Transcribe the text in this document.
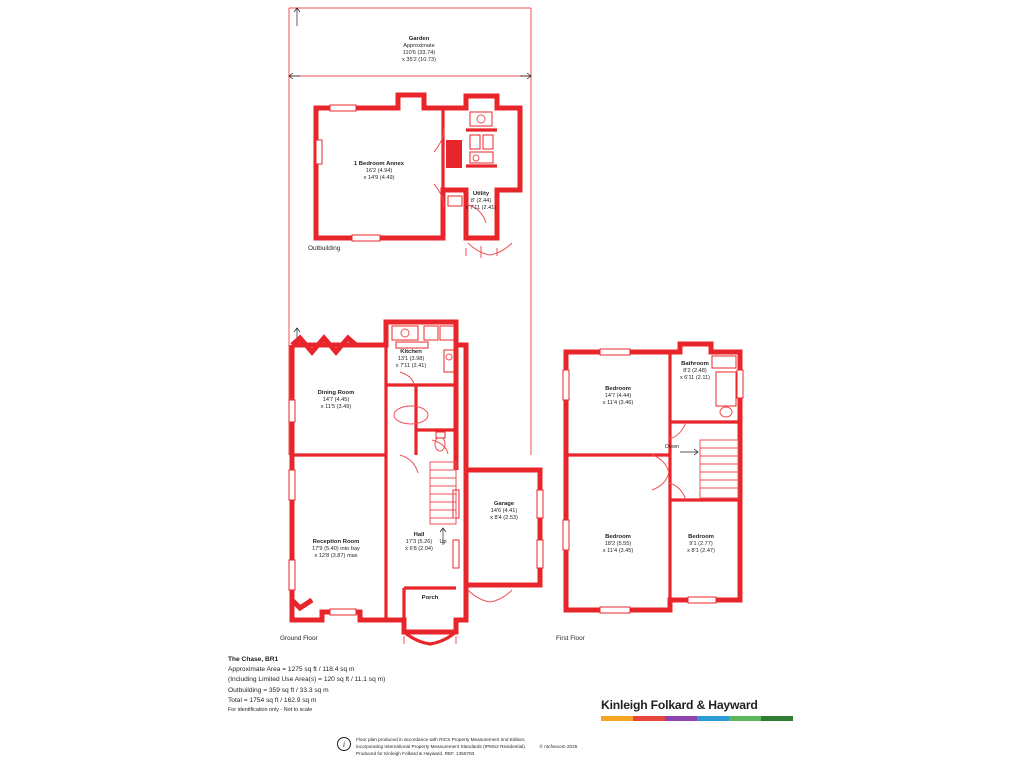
Garden
Approximate
110'6 (33.74)
x 35'2 (10.73)
1 Bedroom Annex
16'2 (4.94)
x 14'9 (4.49)
Utility
8' (2.44)
x 7'11 (2.41)
Outbuilding
Kitchen
13'1 (3.98)
x 7'11 (2.41)
Dining Room
14'7 (4.45)
x 11'5 (3.49)
Reception Room
17'9 (5.40) into bay
x 12'8 (3.87) max
Hall
17'3 (5.26)
x 6'8 (2.04)
Up
Down
Garage
14'6 (4.41)
x 8'4 (2.53)
Porch
Ground Floor
Bedroom
14'7 (4.44)
x 11'4 (3.46)
Bathroom
8'2 (2.48)
x 6'11 (2.11)
Bedroom
18'2 (5.55)
x 11'4 (3.45)
Bedroom
9'1 (2.77)
x 8'1 (2.47)
First Floor
The Chase, BR1
Approximate Area = 1275 sq ft / 118.4 sq m
(Including Limited Use Area(s) = 120 sq ft / 11.1 sq m)
Outbuilding = 359 sq ft / 33.3 sq m
Total = 1754 sq ft / 162.9 sq m
For identification only - Not to scale	Kinleigh Folkard & Hayward
i	Floor plan produced in accordance with RICS Property Measurement 2nd Edition,
incorporating International Property Measurement Standards (IPMS2 Residential).	© ntcfvecom 2025
Produced for Kinleigh Folkard & Hayward. REF. 1356783
